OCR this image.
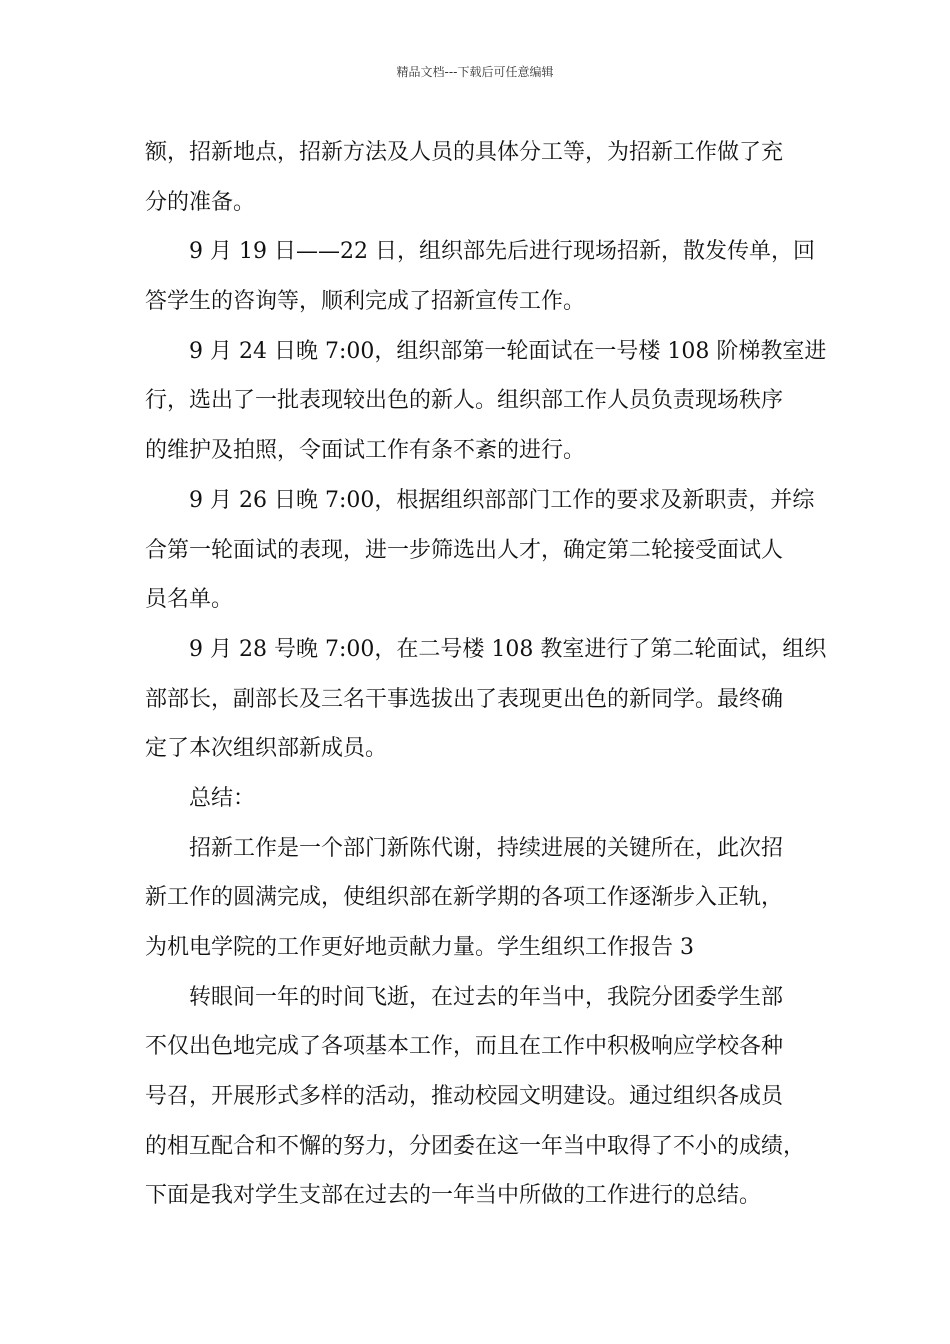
精品文档---下载后可任意编辑
额，招新地点，招新方法及人员的具体分工等，为招新工作做了充
分的准备。
9 月 19 日——22 日，组织部先后进行现场招新，散发传单，回
答学生的咨询等，顺利完成了招新宣传工作。
9 月 24 日晚 7:00，组织部第一轮面试在一号楼 108 阶梯教室进
行，选出了一批表现较出色的新人。组织部工作人员负责现场秩序
的维护及拍照，令面试工作有条不紊的进行。
9 月 26 日晚 7:00，根据组织部部门工作的要求及新职责，并综
合第一轮面试的表现，进一步筛选出人才，确定第二轮接受面试人
员名单。
9 月 28 号晚 7:00，在二号楼 108 教室进行了第二轮面试，组织
部部长，副部长及三名干事选拔出了表现更出色的新同学。最终确
定了本次组织部新成员。
总结：
招新工作是一个部门新陈代谢，持续进展的关键所在，此次招
新工作的圆满完成，使组织部在新学期的各项工作逐渐步入正轨，
为机电学院的工作更好地贡献力量。学生组织工作报告 3
转眼间一年的时间飞逝，在过去的年当中，我院分团委学生部
不仅出色地完成了各项基本工作，而且在工作中积极响应学校各种
号召，开展形式多样的活动，推动校园文明建设。通过组织各成员
的相互配合和不懈的努力，分团委在这一年当中取得了不小的成绩，
下面是我对学生支部在过去的一年当中所做的工作进行的总结。
